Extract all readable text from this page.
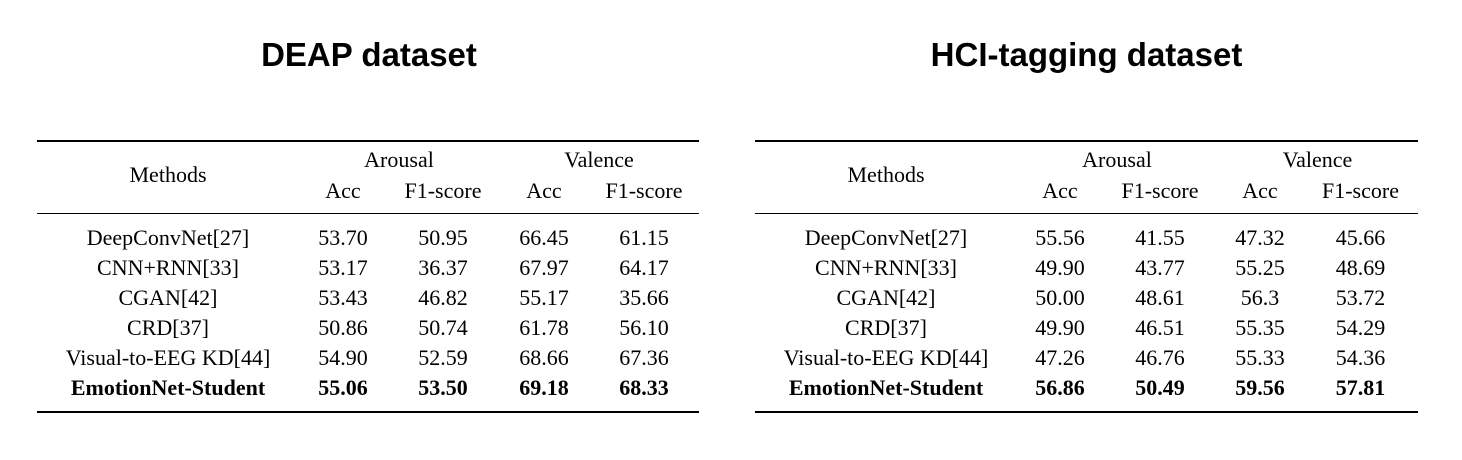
DEAP dataset
Methods
Arousal	Valence
Acc	F1-score	Acc	F1-score
DeepConvNet[27]	53.70	50.95	66.45	61.15
CNN+RNN[33]	53.17	36.37	67.97	64.17
CGAN[42]	53.43	46.82	55.17	35.66
CRD[37]	50.86	50.74	61.78	56.10
Visual-to-EEG KD[44]	54.90	52.59	68.66	67.36
EmotionNet-Student	55.06	53.50	69.18	68.33
HCI-tagging dataset
Methods
Arousal	Valence
Acc	F1-score	Acc	F1-score
DeepConvNet[27]	55.56	41.55	47.32	45.66
CNN+RNN[33]	49.90	43.77	55.25	48.69
CGAN[42]	50.00	48.61	56.3	53.72
CRD[37]	49.90	46.51	55.35	54.29
Visual-to-EEG KD[44]	47.26	46.76	55.33	54.36
EmotionNet-Student	56.86	50.49	59.56	57.81
